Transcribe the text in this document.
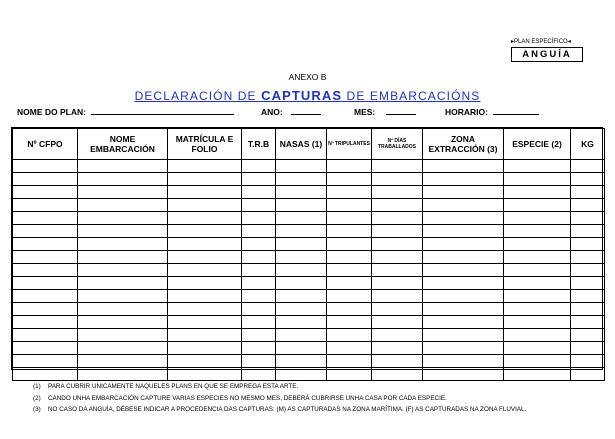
▸PLAN ESPECÍFICO◂
ANGUÍA
ANEXO B
DECLARACIÓN DE CAPTURAS DE EMBARCACIÓNS
NOME DO PLAN:	ANO:	MES:	HORARIO:
Nº CFPO	NOME EMBARCACIÓN	MATRÍCULA E FOLIO	T.R.B	NASAS (1)	Nº TRIPULANTES	Nº DÍAS TRABALLADOS	ZONA EXTRACCIÓN (3)	ESPECIE (2)	KG

(1) PARA CUBRIR UNICAMENTE NAQUELES PLANS EN QUE SE EMPREGA ESTA ARTE.
(2) CANDO UNHA EMBARCACIÓN CAPTURE VARIAS ESPECIES NO MESMO MES, DEBERÁ CUBRIRSE UNHA CASA POR CADA ESPECIE.
(3) NO CASO DA ANGUÍA, DÉBESE INDICAR A PROCEDENCIA DAS CAPTURAS: (M) AS CAPTURADAS NA ZONA MARÍTIMA. (F) AS CAPTURADAS NA ZONA FLUVIAL.
